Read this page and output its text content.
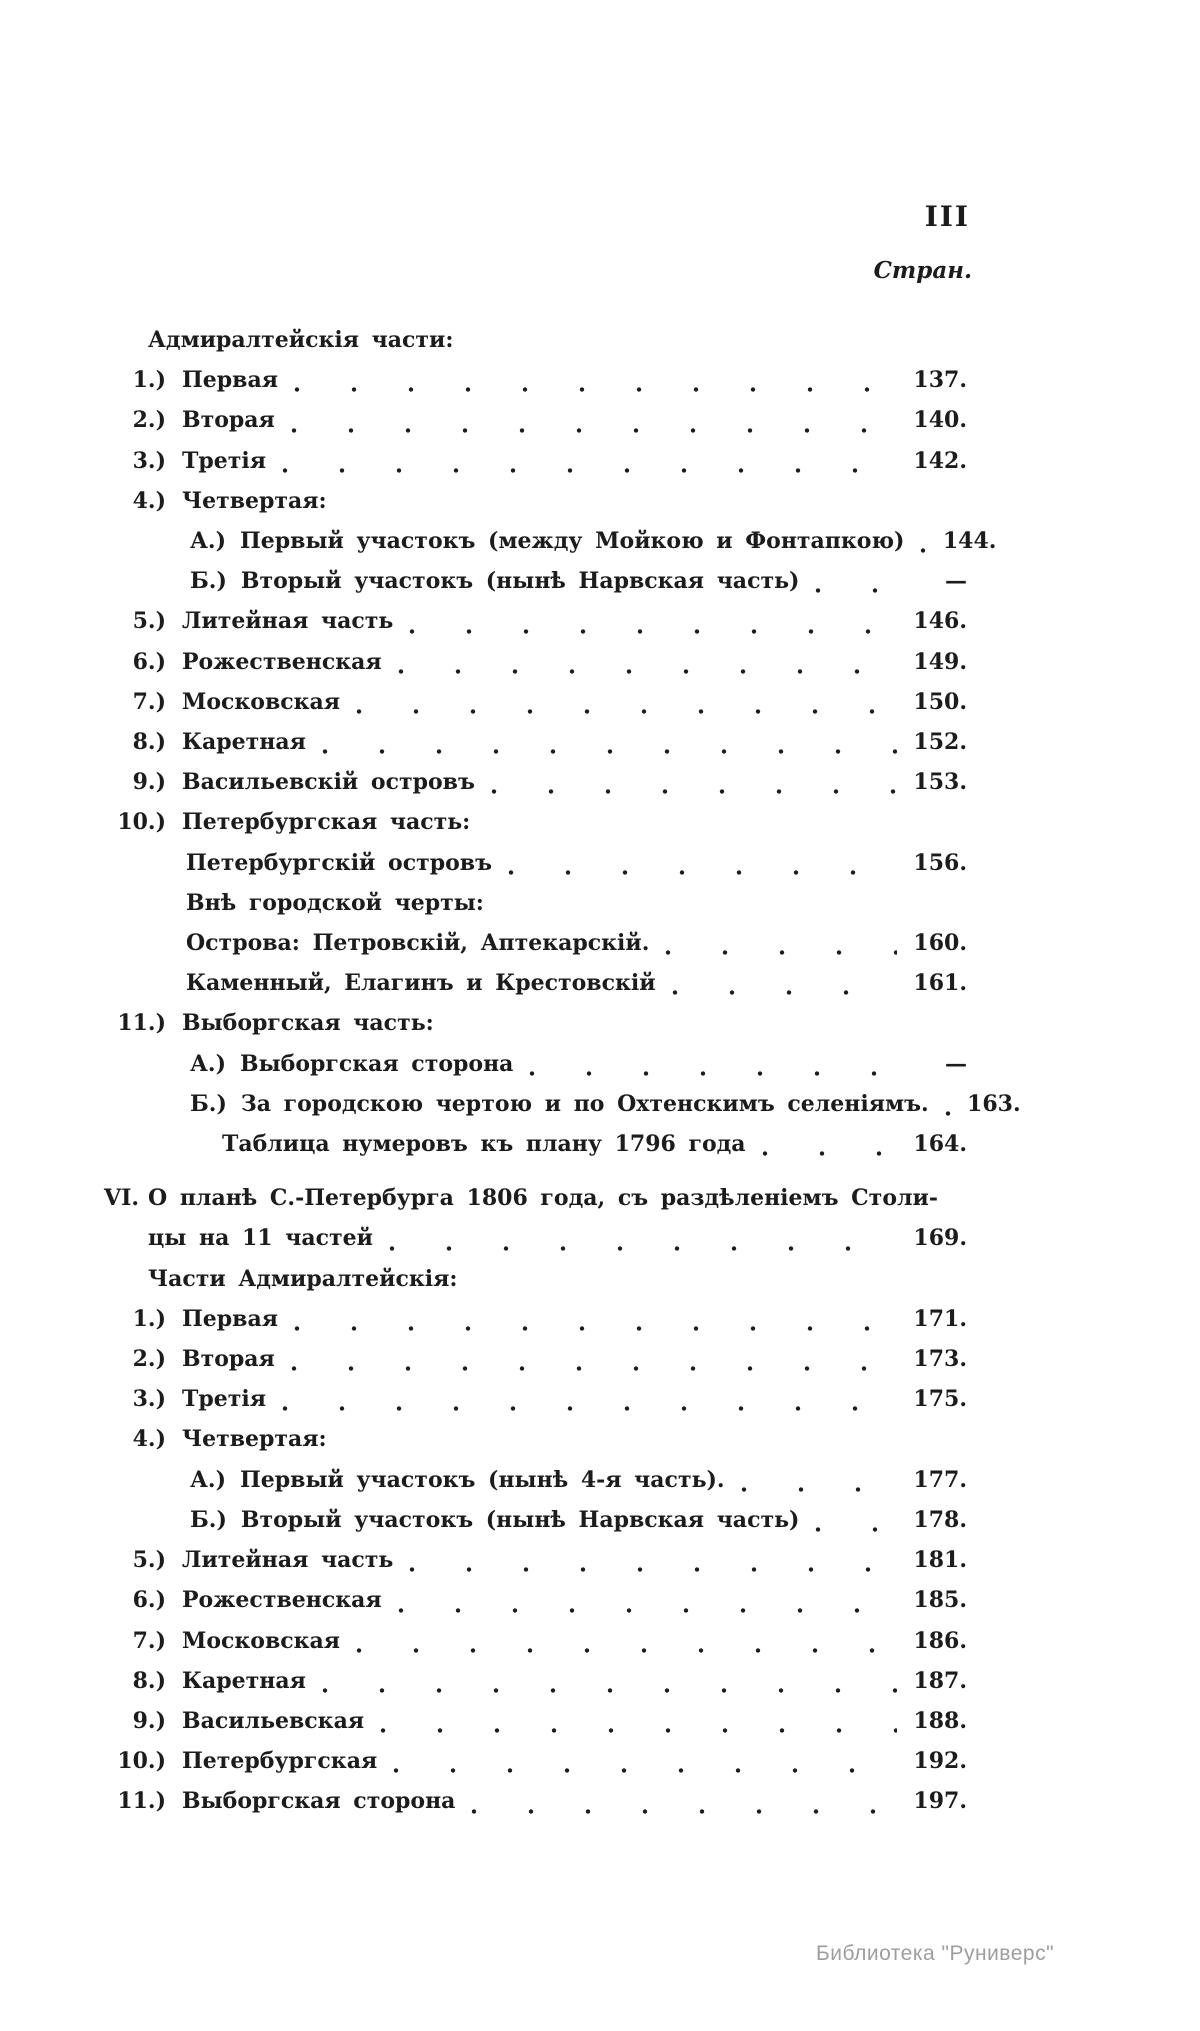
III
Стран.
Адмиралтейскія части:
1.) Первая	137.
2.) Вторая	140.
3.) Третія	142.
4.) Четвертая:
А.) Первый участокъ (между Мойкою и Фонтапкою)	144.
Б.) Вторый участокъ (нынѣ Нарвская часть)	—
5.) Литейная часть	146.
6.) Рожественская	149.
7.) Московская	150.
8.) Каретная	152.
9.) Васильевскій островъ	153.
10.) Петербургская часть:
Петербургскій островъ	156.
Внѣ городской черты:
Острова: Петровскій, Аптекарскій.	160.
Каменный, Елагинъ и Крестовскій	161.
11.) Выборгская часть:
А.) Выборгская сторона	—
Б.) За городскою чертою и по Охтенскимъ селеніямъ.	163.
Таблица нумеровъ къ плану 1796 года	164.
VI. О планѣ С.-Петербурга 1806 года, съ раздѣленіемъ Столи-
цы на 11 частей	169.
Части Адмиралтейскія:
1.) Первая	171.
2.) Вторая	173.
3.) Третія	175.
4.) Четвертая:
А.) Первый участокъ (нынѣ 4-я часть).	177.
Б.) Вторый участокъ (нынѣ Нарвская часть)	178.
5.) Литейная часть	181.
6.) Рожественская	185.
7.) Московская	186.
8.) Каретная	187.
9.) Васильевская	188.
10.) Петербургская	192.
11.) Выборгская сторона	197.
Библиотека "Руниверс"
